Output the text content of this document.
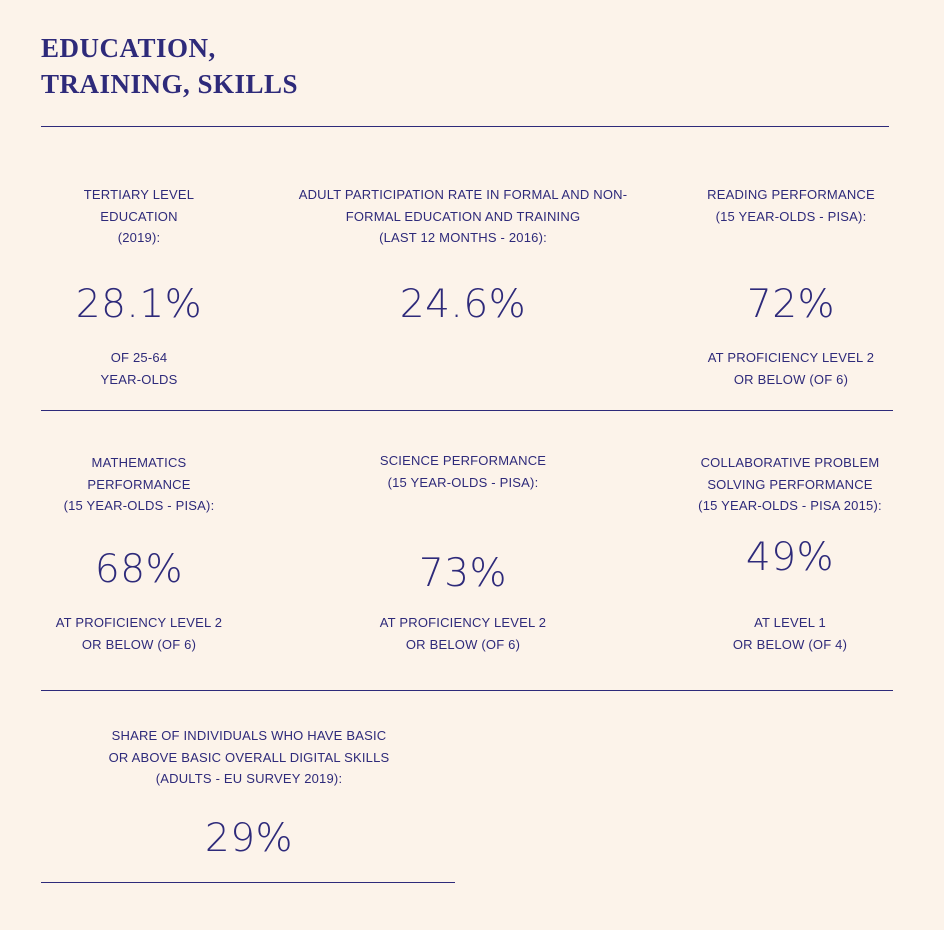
EDUCATION,
TRAINING, SKILLS
TERTIARY LEVEL
EDUCATION
(2019):
28.1%
OF 25-64
YEAR-OLDS
ADULT PARTICIPATION RATE IN FORMAL AND NON-
FORMAL EDUCATION AND TRAINING
(LAST 12 MONTHS - 2016):
24.6%
READING PERFORMANCE
(15 YEAR-OLDS - PISA):
72%
AT PROFICIENCY LEVEL 2
OR BELOW (OF 6)
MATHEMATICS
PERFORMANCE
(15 YEAR-OLDS - PISA):
68%
AT PROFICIENCY LEVEL 2
OR BELOW (OF 6)
SCIENCE PERFORMANCE
(15 YEAR-OLDS - PISA):
73%
AT PROFICIENCY LEVEL 2
OR BELOW (OF 6)
COLLABORATIVE PROBLEM
SOLVING PERFORMANCE
(15 YEAR-OLDS - PISA 2015):
49%
AT LEVEL 1
OR BELOW (OF 4)
SHARE OF INDIVIDUALS WHO HAVE BASIC
OR ABOVE BASIC OVERALL DIGITAL SKILLS
(ADULTS - EU SURVEY 2019):
29%
